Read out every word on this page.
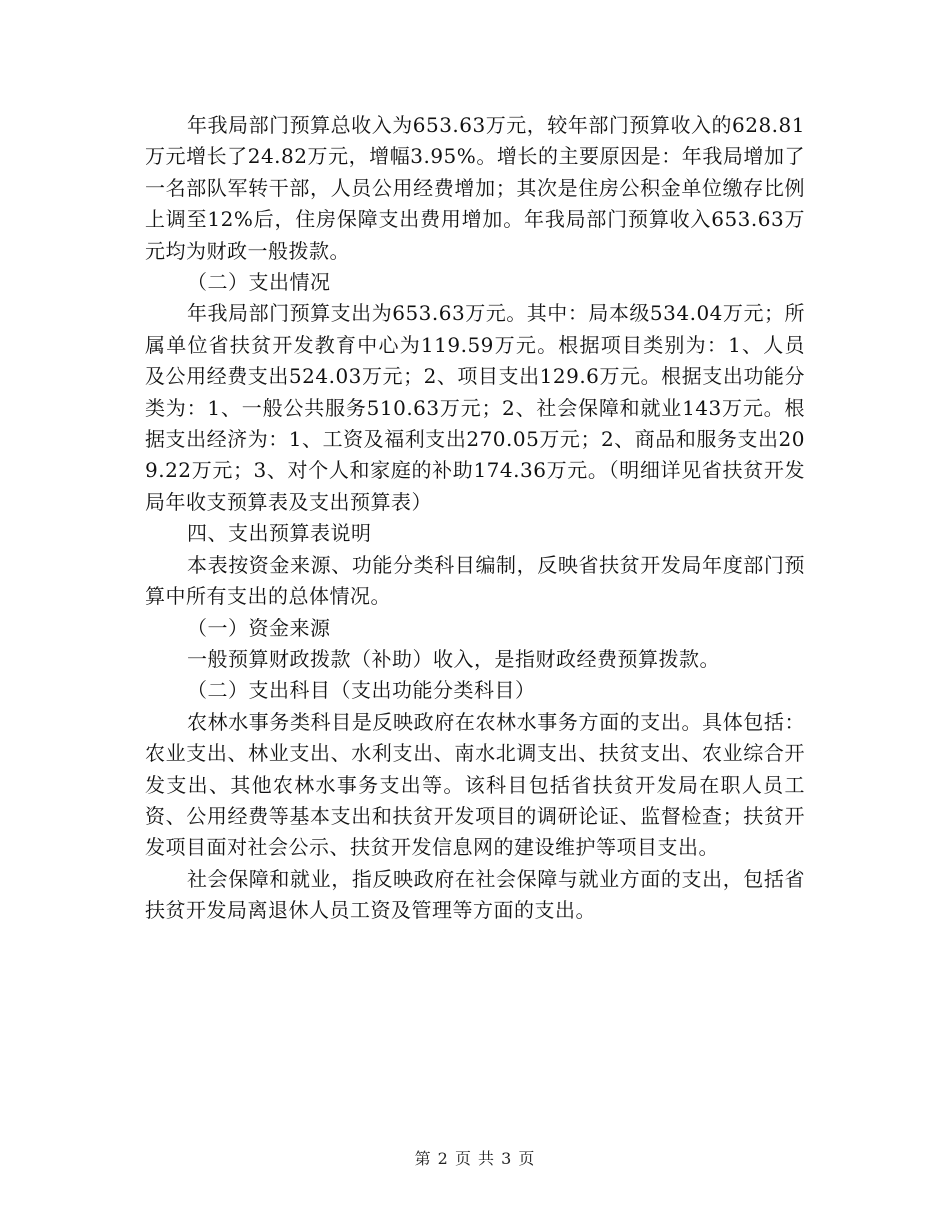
年我局部门预算总收入为653.63万元，较年部门预算收入的628.81万元增长了24.82万元，增幅3.95%。增长的主要原因是：年我局增加了一名部队军转干部，人员公用经费增加；其次是住房公积金单位缴存比例上调至12%后，住房保障支出费用增加。年我局部门预算收入653.63万元均为财政一般拨款。

（二）支出情况

年我局部门预算支出为653.63万元。其中：局本级534.04万元；所属单位省扶贫开发教育中心为119.59万元。根据项目类别为：1、人员及公用经费支出524.03万元；2、项目支出129.6万元。根据支出功能分类为：1、一般公共服务510.63万元；2、社会保障和就业143万元。根据支出经济为：1、工资及福利支出270.05万元；2、商品和服务支出209.22万元；3、对个人和家庭的补助174.36万元。（明细详见省扶贫开发局年收支预算表及支出预算表）

四、支出预算表说明

本表按资金来源、功能分类科目编制，反映省扶贫开发局年度部门预算中所有支出的总体情况。

（一）资金来源

一般预算财政拨款（补助）收入，是指财政经费预算拨款。

（二）支出科目（支出功能分类科目）

农林水事务类科目是反映政府在农林水事务方面的支出。具体包括：农业支出、林业支出、水利支出、南水北调支出、扶贫支出、农业综合开发支出、其他农林水事务支出等。该科目包括省扶贫开发局在职人员工资、公用经费等基本支出和扶贫开发项目的调研论证、监督检查；扶贫开发项目面对社会公示、扶贫开发信息网的建设维护等项目支出。

社会保障和就业，指反映政府在社会保障与就业方面的支出，包括省扶贫开发局离退休人员工资及管理等方面的支出。

第 2 页 共 3 页
